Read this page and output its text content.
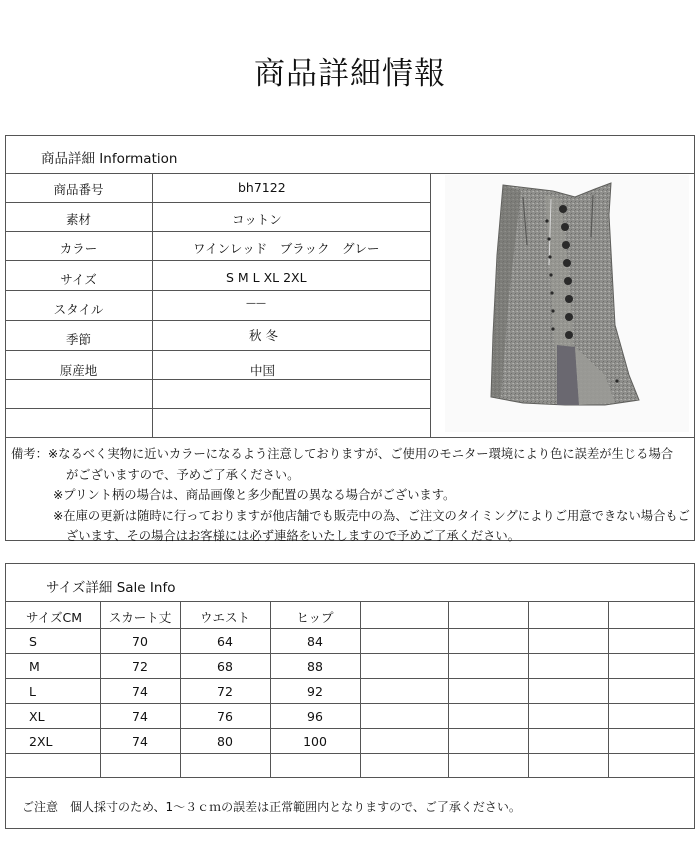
商品詳細情報
商品詳細 Information
商品番号	bh7122
素材	コットン
カラー	ワインレッド　ブラック　グレー
サイズ	S M L XL 2XL
スタイル	——
季節	秋 冬
原産地	中国
備考：※なるべく実物に近いカラーになるよう注意しておりますが、ご使用のモニター環境により色に誤差が生じる場合
がございますので、予めご了承ください。
※プリント柄の場合は、商品画像と多少配置の異なる場合がございます。
※在庫の更新は随時に行っておりますが他店舗でも販売中の為、ご注文のタイミングによりご用意できない場合もご
ざいます、その場合はお客様には必ず連絡をいたしますので予めご了承ください。
サイズ詳細 Sale Info
サイズCM	スカート丈	ウエスト	ヒップ
S	70	64	84
M	72	68	88
L	74	72	92
XL	74	76	96
2XL	74	80	100
ご注意　個人採寸のため、1～３ｃｍの誤差は正常範囲内となりますので、ご了承ください。
